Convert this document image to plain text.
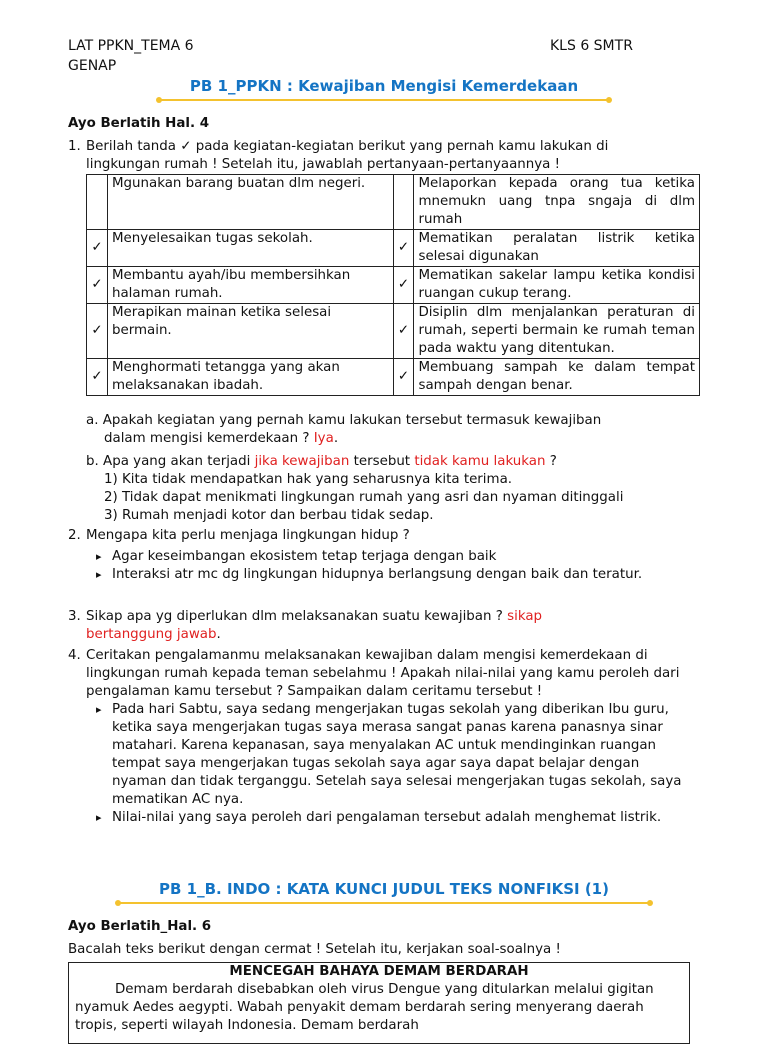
LAT PPKN_TEMA 6	KLS 6 SMTR
GENAP
PB 1_PPKN : Kewajiban Mengisi Kemerdekaan
Ayo Berlatih Hal. 4
1. Berilah tanda ✓ pada kegiatan-kegiatan berikut yang pernah kamu lakukan di
lingkungan rumah ! Setelah itu, jawablah pertanyaan-pertanyaannya !
	Mgunakan barang buatan dlm negeri.		Melaporkan kepada orang tua ketika mnemukn uang tnpa sngaja di dlm rumah
✓	Menyelesaikan tugas sekolah.	✓	Mematikan peralatan listrik ketika selesai digunakan
✓	Membantu ayah/ibu membersihkan halaman rumah.	✓	Mematikan sakelar lampu ketika kondisi ruangan cukup terang.
✓	Merapikan mainan ketika selesai bermain.	✓	Disiplin dlm menjalankan peraturan di rumah, seperti bermain ke rumah teman pada waktu yang ditentukan.
✓	Menghormati tetangga yang akan melaksanakan ibadah.	✓	Membuang sampah ke dalam tempat sampah dengan benar.
a. Apakah kegiatan yang pernah kamu lakukan tersebut termasuk kewajiban
dalam mengisi kemerdekaan ? Iya.
b. Apa yang akan terjadi jika kewajiban tersebut tidak kamu lakukan ?
1) Kita tidak mendapatkan hak yang seharusnya kita terima.
2) Tidak dapat menikmati lingkungan rumah yang asri dan nyaman ditinggali
3) Rumah menjadi kotor dan berbau tidak sedap.
2. Mengapa kita perlu menjaga lingkungan hidup ?
▸ Agar keseimbangan ekosistem tetap terjaga dengan baik
▸ Interaksi atr mc dg lingkungan hidupnya berlangsung dengan baik dan teratur.
3. Sikap apa yg diperlukan dlm melaksanakan suatu kewajiban ? sikap bertanggung jawab.
4. Ceritakan pengalamanmu melaksanakan kewajiban dalam mengisi kemerdekaan di lingkungan rumah kepada teman sebelahmu ! Apakah nilai-nilai yang kamu peroleh dari pengalaman kamu tersebut ? Sampaikan dalam ceritamu tersebut !
▸ Pada hari Sabtu, saya sedang mengerjakan tugas sekolah yang diberikan Ibu guru, ketika saya mengerjakan tugas saya merasa sangat panas karena panasnya sinar matahari. Karena kepanasan, saya menyalakan AC untuk mendinginkan ruangan tempat saya mengerjakan tugas sekolah saya agar saya dapat belajar dengan nyaman dan tidak terganggu. Setelah saya selesai mengerjakan tugas sekolah, saya mematikan AC nya.
▸ Nilai-nilai yang saya peroleh dari pengalaman tersebut adalah menghemat listrik.
PB 1_B. INDO : KATA KUNCI JUDUL TEKS NONFIKSI (1)
Ayo Berlatih_Hal. 6
Bacalah teks berikut dengan cermat ! Setelah itu, kerjakan soal-soalnya !
MENCEGAH BAHAYA DEMAM BERDARAH
Demam berdarah disebabkan oleh virus Dengue yang ditularkan melalui gigitan nyamuk Aedes aegypti. Wabah penyakit demam berdarah sering menyerang daerah tropis, seperti wilayah Indonesia. Demam berdarah
